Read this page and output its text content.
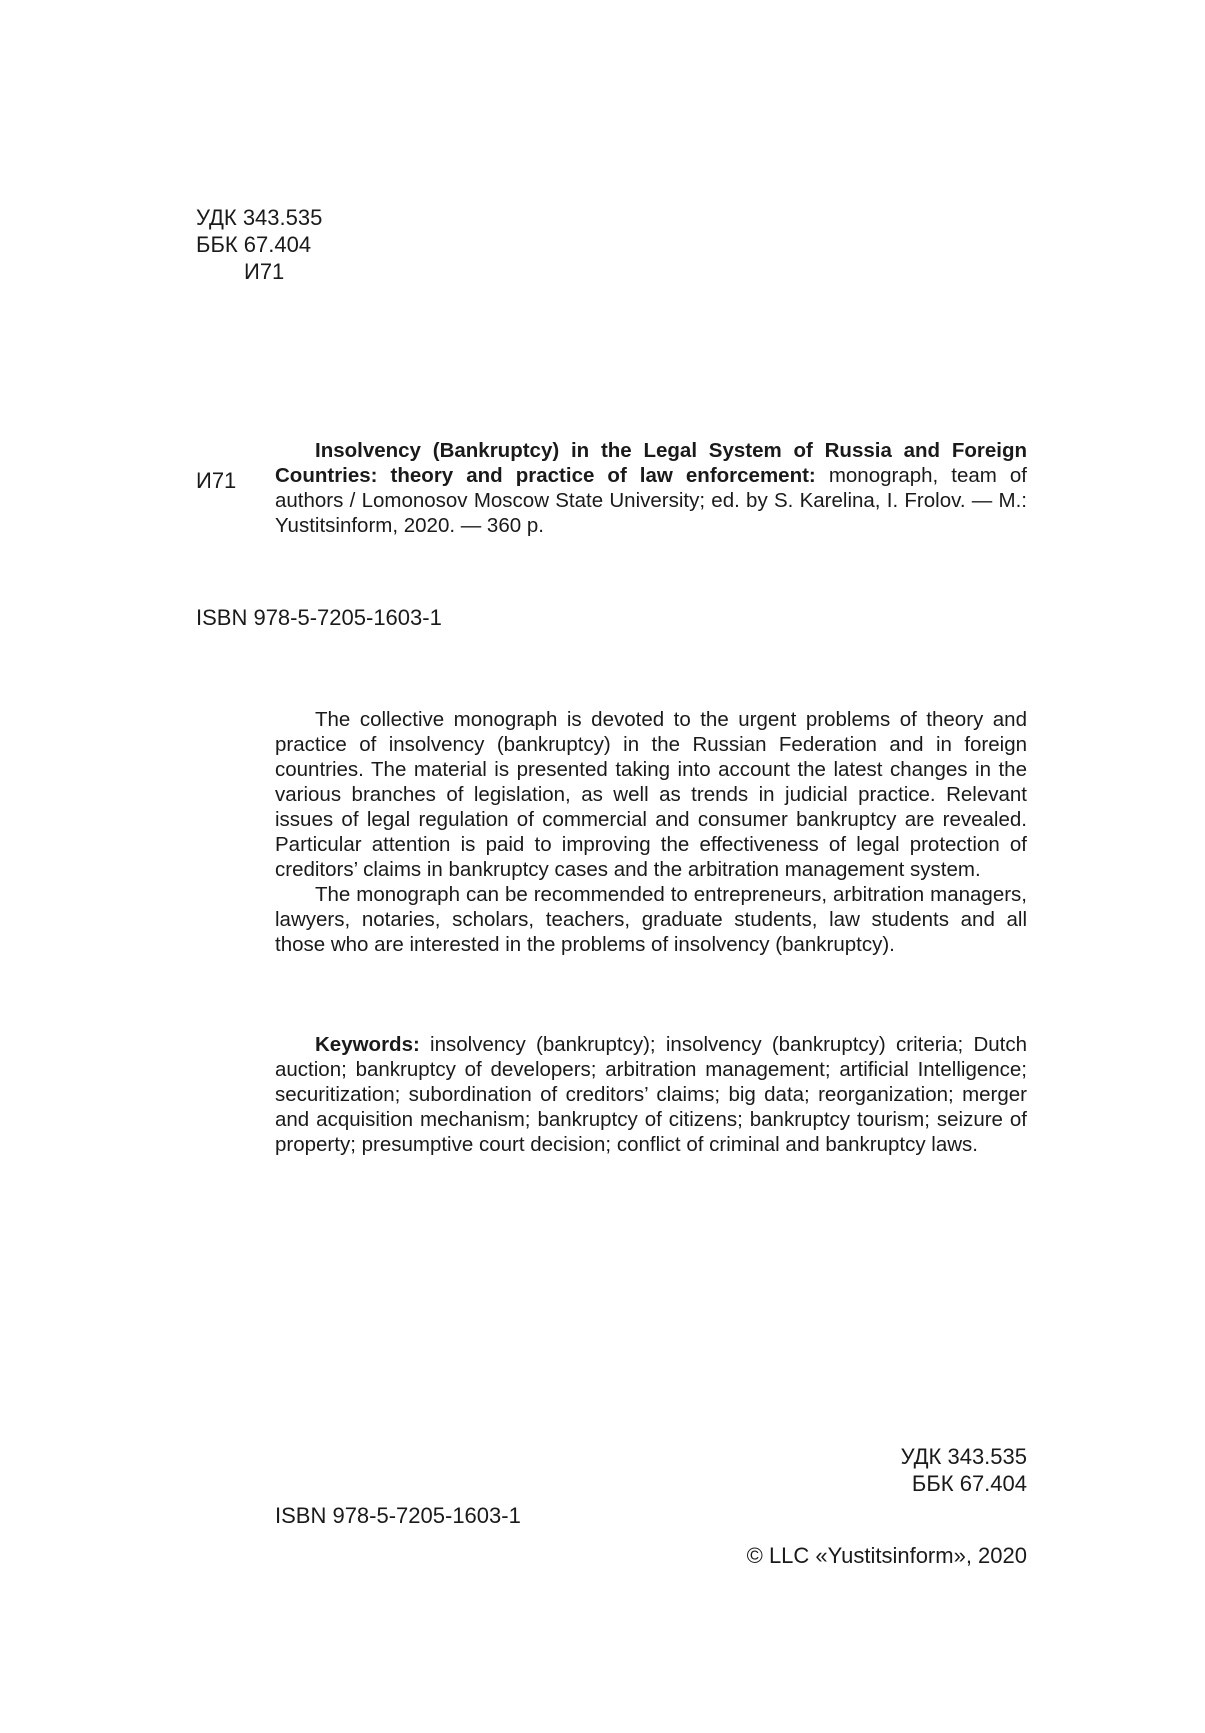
УДК 343.535
ББК 67.404
И71
И71
Insolvency (Bankruptcy) in the Legal System of Russia and Foreign Countries: theory and practice of law enforcement: monograph, team of authors / Lomonosov Moscow State University; ed. by S. Karelina, I. Frolov. — M.: Yustitsinform, 2020. — 360 p.
ISBN 978-5-7205-1603-1

The collective monograph is devoted to the urgent problems of theory and practice of insolvency (bankruptcy) in the Russian Federation and in foreign countries. The material is presented taking into account the latest changes in the various branches of legislation, as well as trends in judicial practice. Relevant issues of legal regulation of commercial and consumer bankruptcy are revealed. Particular attention is paid to improving the effectiveness of legal protection of creditors’ claims in bankruptcy cases and the arbitration management system.

The monograph can be recommended to entrepreneurs, arbitration managers, lawyers, notaries, scholars, teachers, graduate students, law students and all those who are interested in the problems of insolvency (bankruptcy).

Keywords: insolvency (bankruptcy); insolvency (bankruptcy) criteria; Dutch auction; bankruptcy of developers; arbitration management; artificial Intelligence; securitization; subordination of creditors’ claims; big data; reorganization; merger and acquisition mechanism; bankruptcy of citizens; bankruptcy tourism; seizure of property; presumptive court decision; conflict of criminal and bankruptcy laws.
УДК 343.535
ББК 67.404
ISBN 978-5-7205-1603-1
© LLC «Yustitsinform», 2020
